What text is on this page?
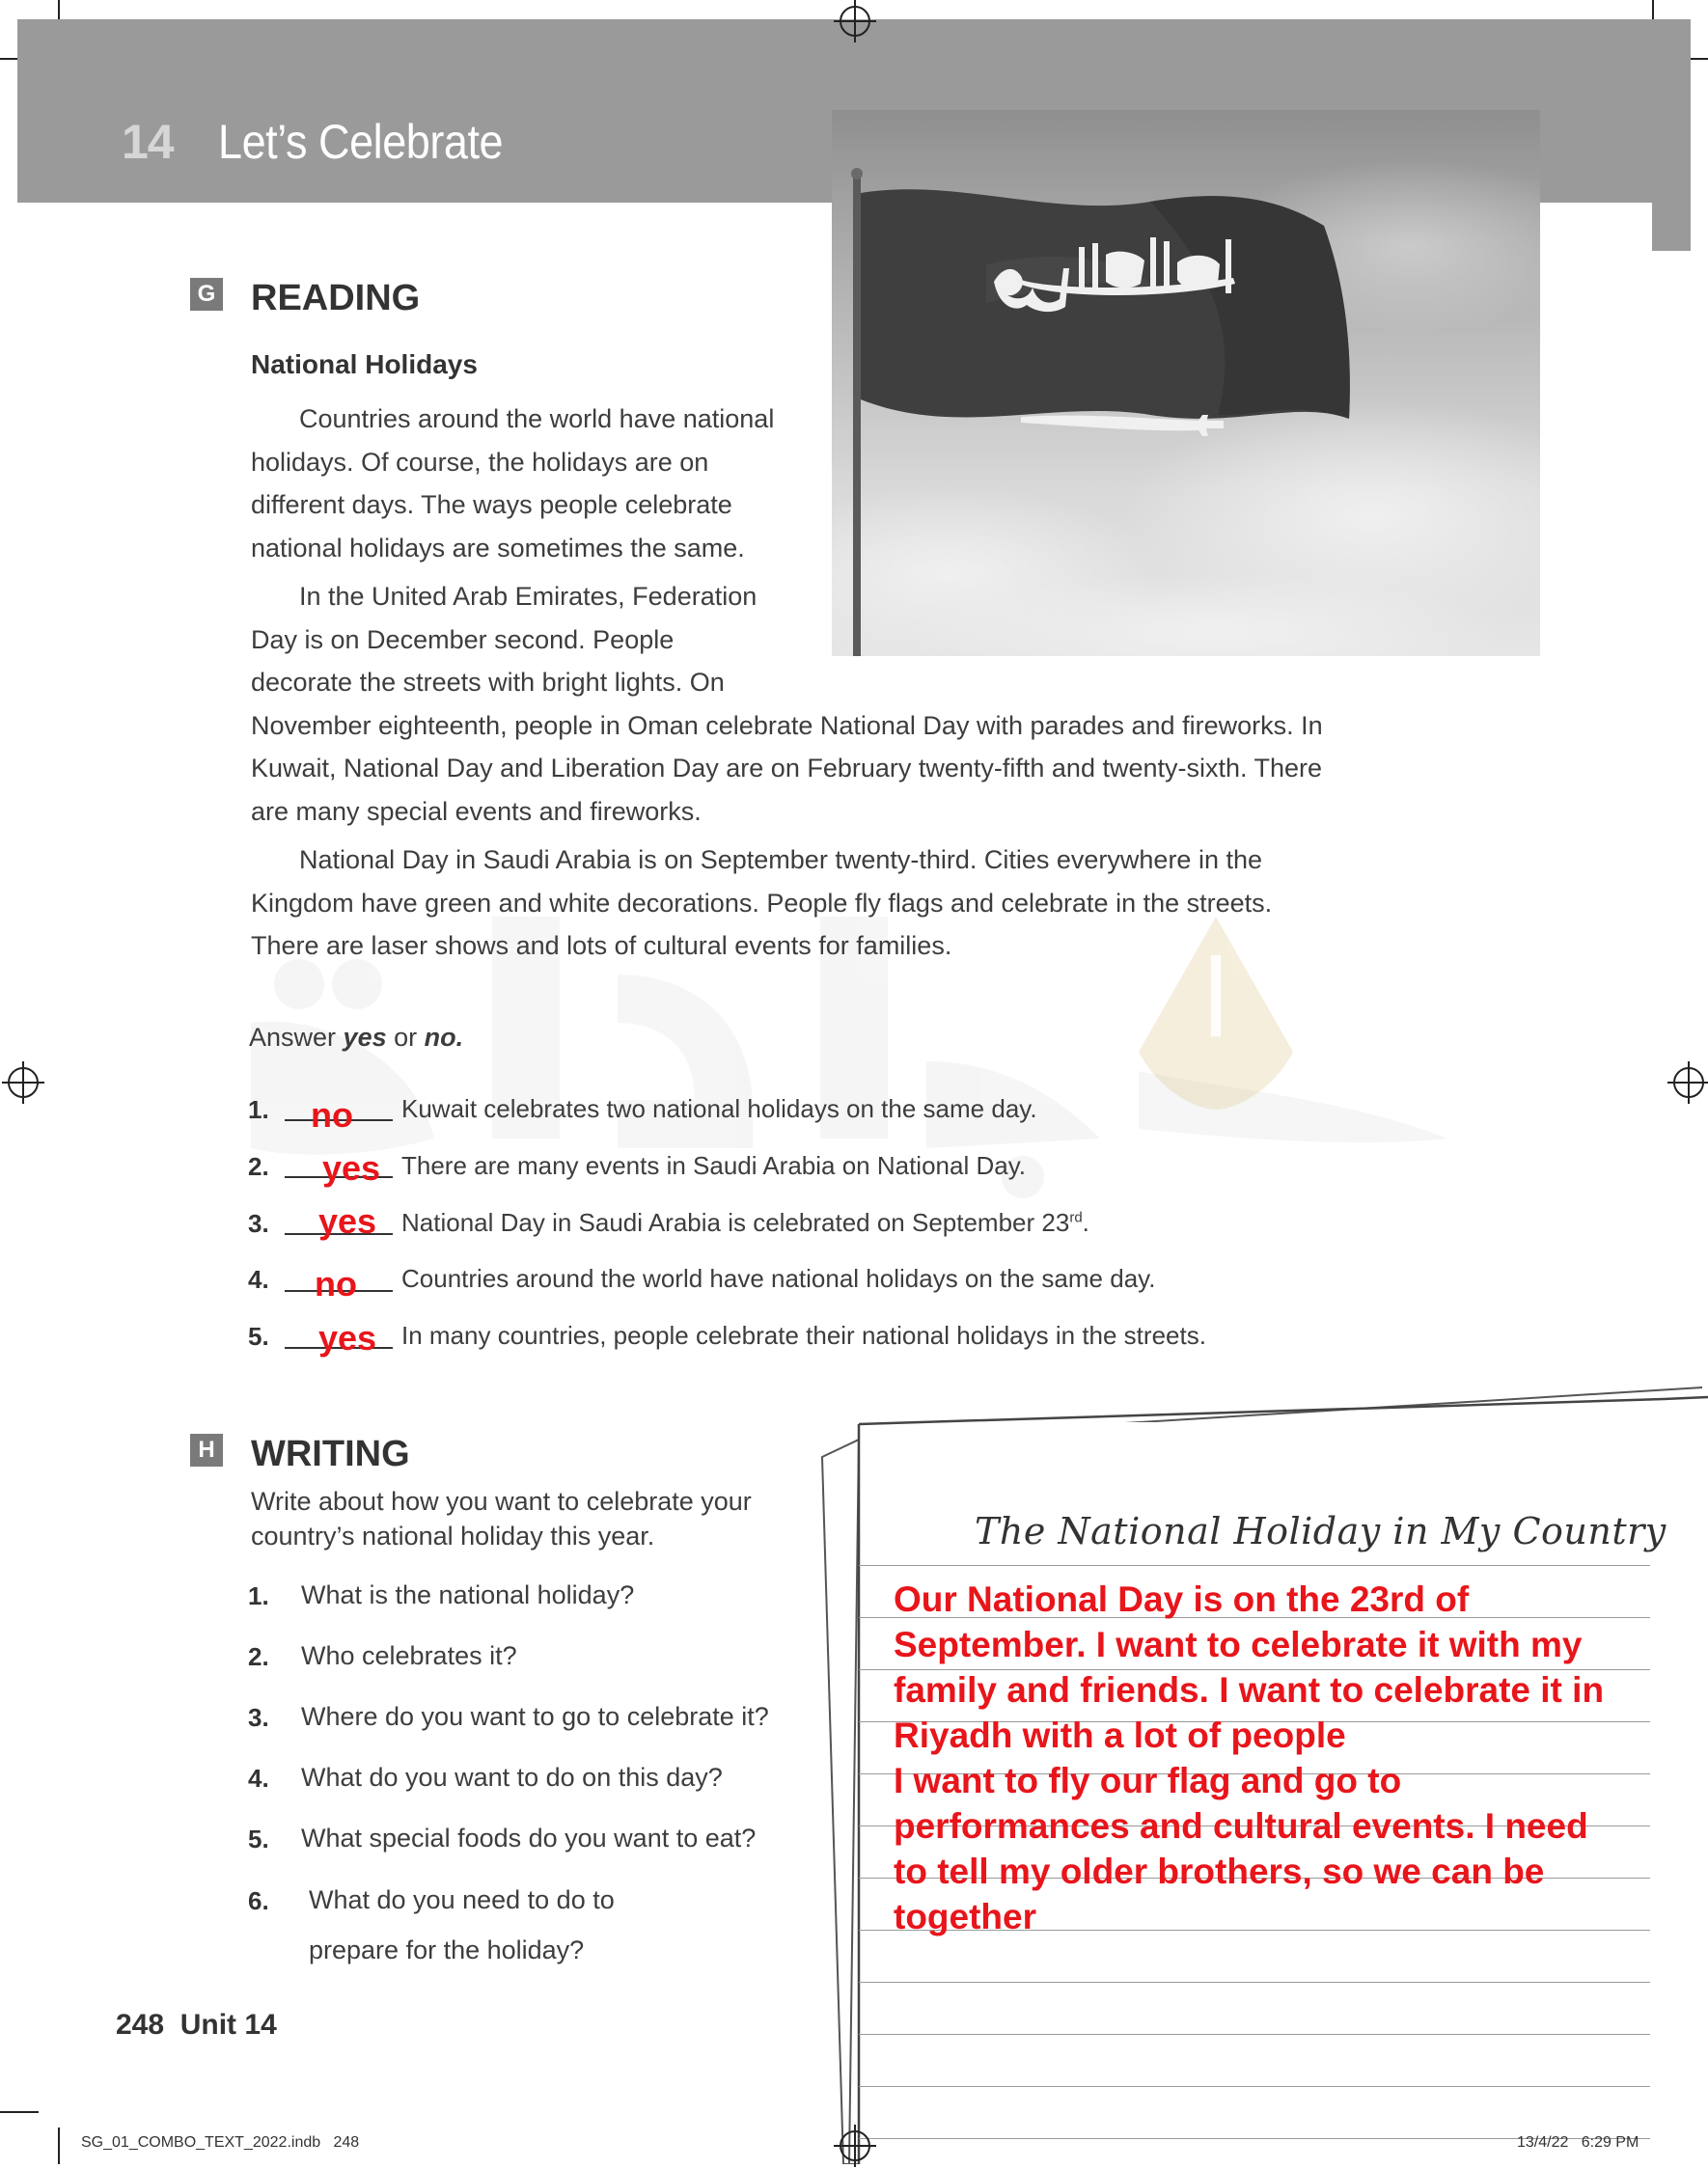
14 Let’s Celebrate
G READING
National Holidays
Countries around the world have national
holidays. Of course, the holidays are on
different days. The ways people celebrate
national holidays are sometimes the same.
In the United Arab Emirates, Federation
Day is on December second. People
decorate the streets with bright lights. On
November eighteenth, people in Oman celebrate National Day with parades and fireworks. In
Kuwait, National Day and Liberation Day are on February twenty-fifth and twenty-sixth. There
are many special events and fireworks.
National Day in Saudi Arabia is on September twenty-third. Cities everywhere in the
Kingdom have green and white decorations. People fly flags and celebrate in the streets.
There are laser shows and lots of cultural events for families.
Answer yes or no.
1. no Kuwait celebrates two national holidays on the same day.
2. yes There are many events in Saudi Arabia on National Day.
3. yes National Day in Saudi Arabia is celebrated on September 23rd.
4. no Countries around the world have national holidays on the same day.
5. yes In many countries, people celebrate their national holidays in the streets.
H WRITING
Write about how you want to celebrate your
country’s national holiday this year.
1. What is the national holiday?
2. Who celebrates it?
3. Where do you want to go to celebrate it?
4. What do you want to do on this day?
5. What special foods do you want to eat?
6. What do you need to do to
prepare for the holiday?
The National Holiday in My Country
Our National Day is on the 23rd of
September. I want to celebrate it with my
family and friends. I want to celebrate it in
Riyadh with a lot of people
I want to fly our flag and go to
performances and cultural events. I need
to tell my older brothers, so we can be
together
248 Unit 14
SG_01_COMBO_TEXT_2022.indb   248	13/4/22   6:29 PM
